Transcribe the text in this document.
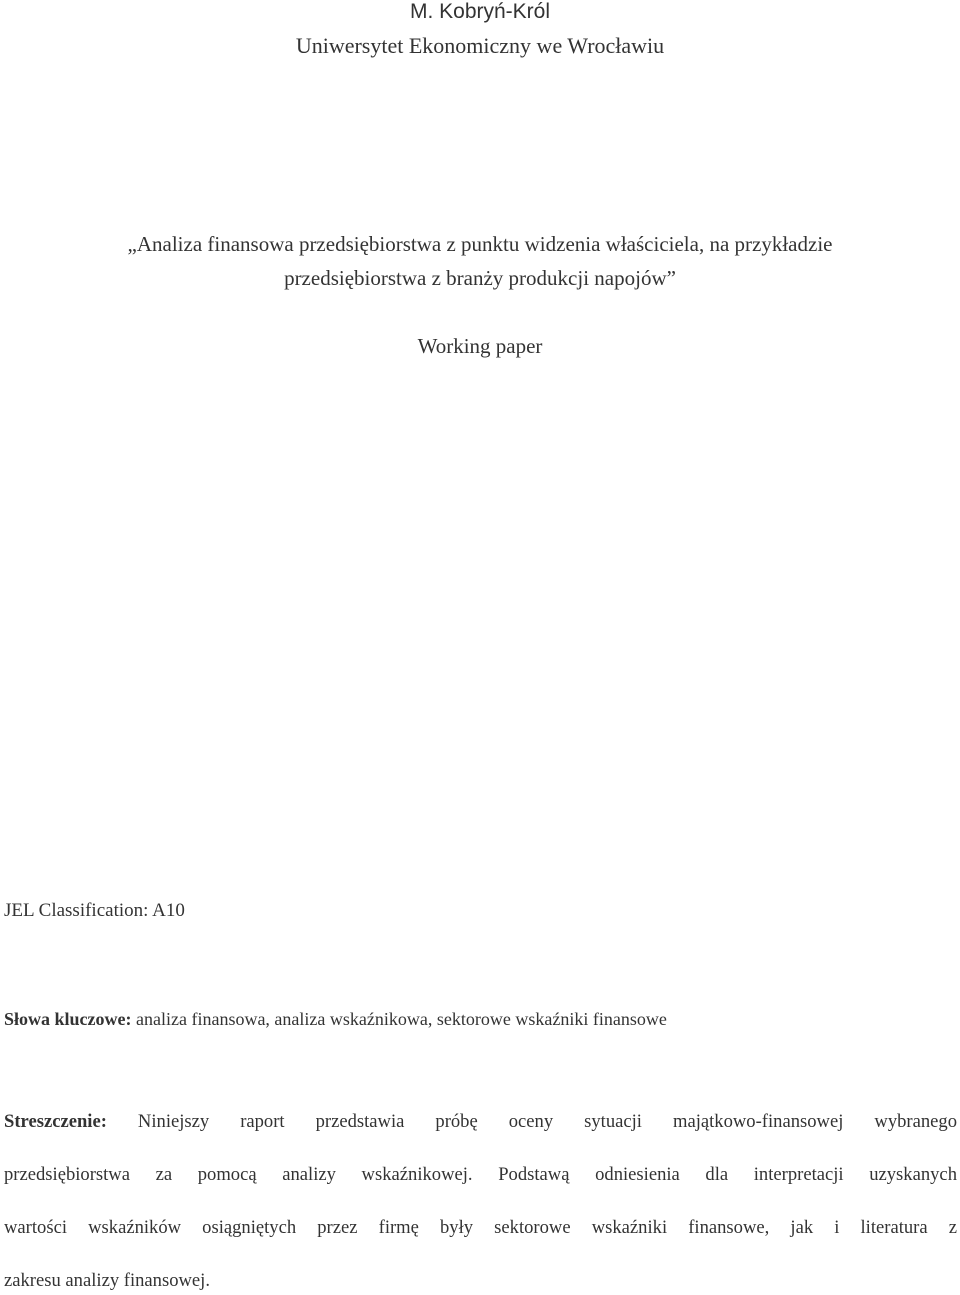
M. Kobryń-Król
Uniwersytet Ekonomiczny we Wrocławiu
„Analiza finansowa przedsiębiorstwa z punktu widzenia właściciela, na przykładzie
przedsiębiorstwa z branży produkcji napojów”
Working paper
JEL Classification: A10
Słowa kluczowe: analiza finansowa, analiza wskaźnikowa, sektorowe wskaźniki finansowe
Streszczenie: Niniejszy raport przedstawia próbę oceny sytuacji majątkowo-finansowej wybranego
przedsiębiorstwa za pomocą analizy wskaźnikowej. Podstawą odniesienia dla interpretacji uzyskanych
wartości wskaźników osiągniętych przez firmę były sektorowe wskaźniki finansowe, jak i literatura z
zakresu analizy finansowej.
